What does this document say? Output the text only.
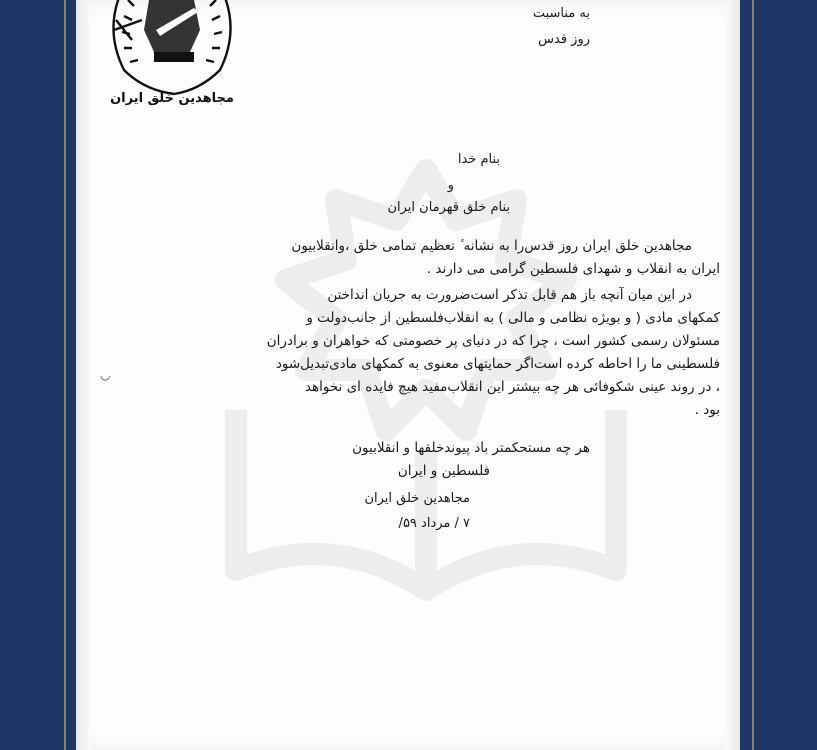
مجاهدین خلق ایران
به مناسبت
روز قدس
بنام خدا
و
بنام خلق قهرمان ایران
مجاهدین خلق ایران روز قدس‌را به نشانه ٔ تعظیم تمامی خلق ،وانقلابیون
ایران به انقلاب و شهدای فلسطین گرامی می دارند .
در این میان آنچه باز هم قابل تذکر است‌ضرورت به جریان انداختن
کمکهای مادی ( و بویژه نظامی و مالی ) به انقلاب‌فلسطین از جانب‌دولت و
مسئولان رسمی کشور است ، چرا که در دنیای پر خصومتی که خواهران و برادران
فلسطینی ما را احاطه کرده است‌اگر حمایتهای معنوی به کمکهای مادی‌تبدیل‌شود
، در روند عینی شکوفائی هر چه بیشتر این انقلاب‌مفید هیچ فایده ای نخواهد
بود .
هر چه مستحکمتر باد پیوندخلقها و انقلابیون
فلسطین و ایران
مجاهدین خلق ایران
۷ / مرداد ۵۹/
◡
